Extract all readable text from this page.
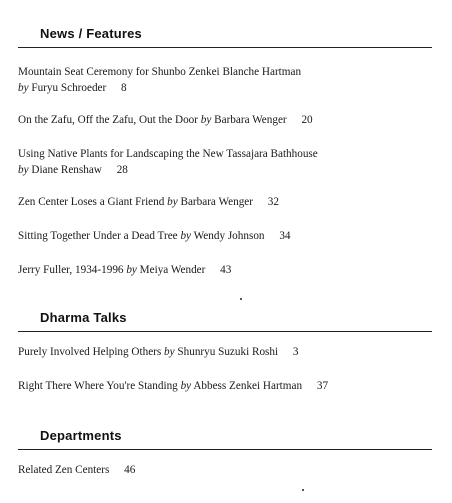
News / Features
Mountain Seat Ceremony for Shunbo Zenkei Blanche Hartman
by Furyu Schroeder 8
On the Zafu, Off the Zafu, Out the Door by Barbara Wenger 20
Using Native Plants for Landscaping the New Tassajara Bathhouse
by Diane Renshaw 28
Zen Center Loses a Giant Friend by Barbara Wenger 32
Sitting Together Under a Dead Tree by Wendy Johnson 34
Jerry Fuller, 1934-1996 by Meiya Wender 43
Dharma Talks
Purely Involved Helping Others by Shunryu Suzuki Roshi 3
Right There Where You're Standing by Abbess Zenkei Hartman 37
Departments
Related Zen Centers 46
